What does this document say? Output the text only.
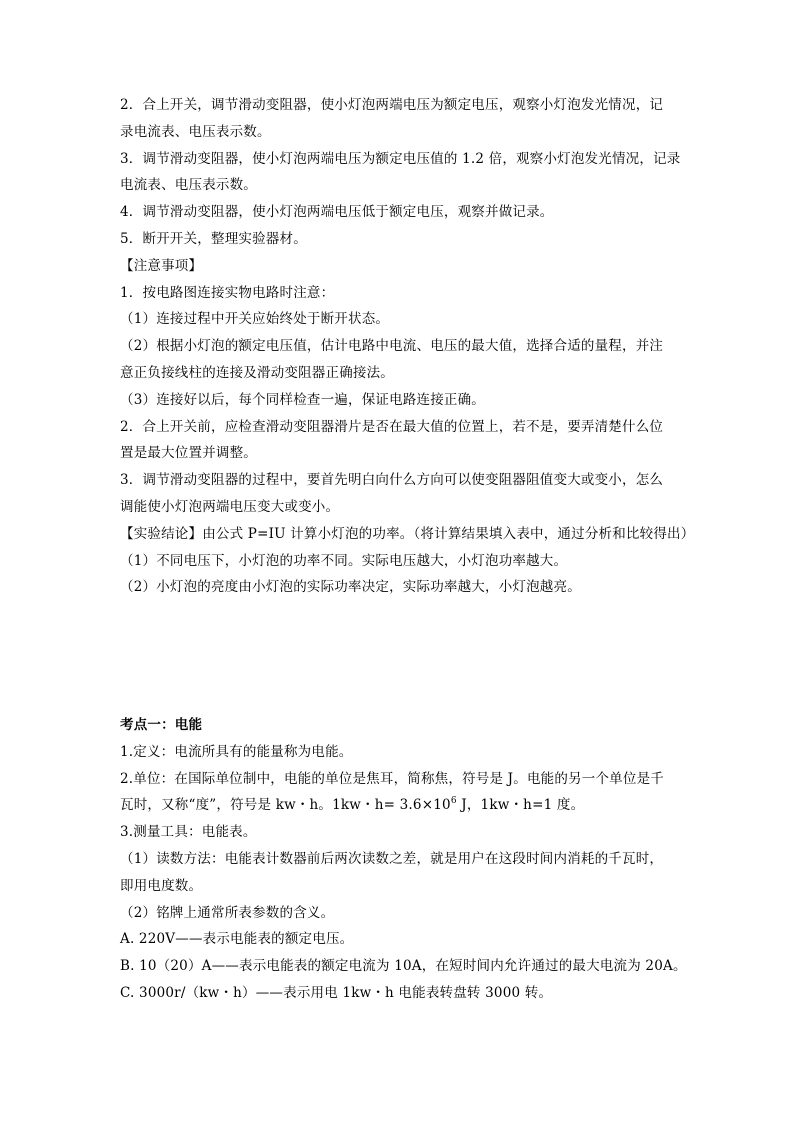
2．合上开关，调节滑动变阻器，使小灯泡两端电压为额定电压，观察小灯泡发光情况，记
录电流表、电压表示数。
3．调节滑动变阻器，使小灯泡两端电压为额定电压值的 1.2 倍，观察小灯泡发光情况，记录
电流表、电压表示数。
4．调节滑动变阻器，使小灯泡两端电压低于额定电压，观察并做记录。
5．断开开关，整理实验器材。
【注意事项】
1．按电路图连接实物电路时注意：
（1）连接过程中开关应始终处于断开状态。
（2）根据小灯泡的额定电压值，估计电路中电流、电压的最大值，选择合适的量程，并注
意正负接线柱的连接及滑动变阻器正确接法。
（3）连接好以后，每个同样检查一遍，保证电路连接正确。
2．合上开关前，应检查滑动变阻器滑片是否在最大值的位置上，若不是，要弄清楚什么位
置是最大位置并调整。
3．调节滑动变阻器的过程中，要首先明白向什么方向可以使变阻器阻值变大或变小，怎么
调能使小灯泡两端电压变大或变小。
【实验结论】由公式 P=IU 计算小灯泡的功率。（将计算结果填入表中，通过分析和比较得出）
（1）不同电压下，小灯泡的功率不同。实际电压越大，小灯泡功率越大。
（2）小灯泡的亮度由小灯泡的实际功率决定，实际功率越大，小灯泡越亮。
考点一：电能
1.定义：电流所具有的能量称为电能。
2.单位：在国际单位制中，电能的单位是焦耳，简称焦，符号是 J。电能的另一个单位是千
瓦时，又称“度”，符号是 kw・h。1kw・$h= 3.6\times 10^6$ J，1kw・h=1 度。
3.测量工具：电能表。
（1）读数方法：电能表计数器前后两次读数之差，就是用户在这段时间内消耗的千瓦时，
即用电度数。
（2）铭牌上通常所表参数的含义。
A. 220V——表示电能表的额定电压。
B. 10（20）A——表示电能表的额定电流为 10A，在短时间内允许通过的最大电流为 20A。
C. 3000r/（kw・h）——表示用电 1kw・h 电能表转盘转 3000 转。
